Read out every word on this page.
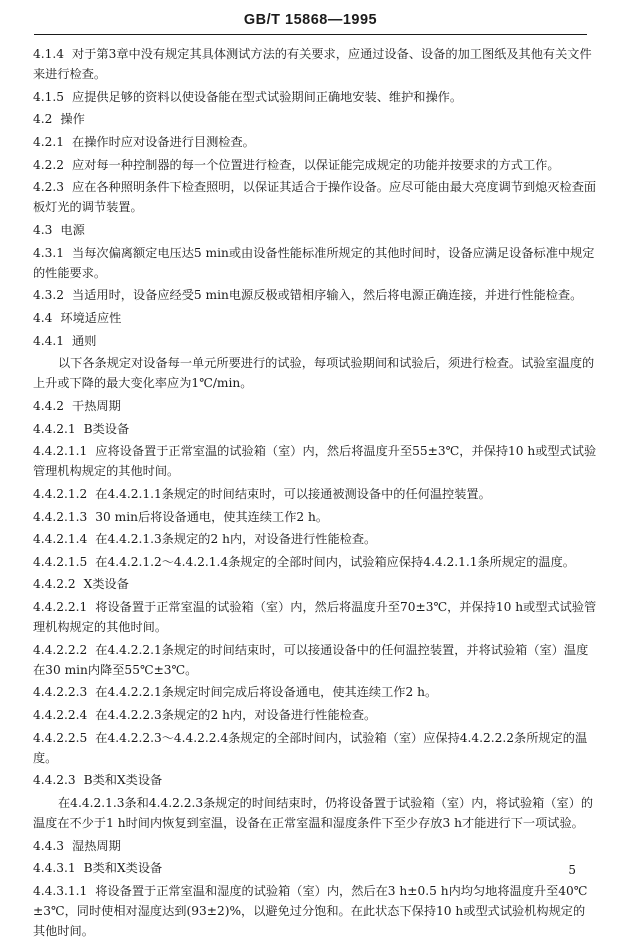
GB/T 15868—1995
4.1.4 对于第3章中没有规定其具体测试方法的有关要求，应通过设备、设备的加工图纸及其他有关文件来进行检查。
4.1.5 应提供足够的资料以使设备能在型式试验期间正确地安装、维护和操作。
4.2 操作
4.2.1 在操作时应对设备进行目测检查。
4.2.2 应对每一种控制器的每一个位置进行检查，以保证能完成规定的功能并按要求的方式工作。
4.2.3 应在各种照明条件下检查照明，以保证其适合于操作设备。应尽可能由最大亮度调节到熄灭检查面板灯光的调节装置。
4.3 电源
4.3.1 当每次偏离额定电压达5 min或由设备性能标准所规定的其他时间时，设备应满足设备标准中规定的性能要求。
4.3.2 当适用时，设备应经受5 min电源反极或错相序输入，然后将电源正确连接，并进行性能检查。
4.4 环境适应性
4.4.1 通则
以下各条规定对设备每一单元所要进行的试验，每项试验期间和试验后，须进行检查。试验室温度的上升或下降的最大变化率应为1℃/min。
4.4.2 干热周期
4.4.2.1 B类设备
4.4.2.1.1 应将设备置于正常室温的试验箱（室）内，然后将温度升至55±3℃，并保持10 h或型式试验管理机构规定的其他时间。
4.4.2.1.2 在4.4.2.1.1条规定的时间结束时，可以接通被测设备中的任何温控装置。
4.4.2.1.3 30 min后将设备通电，使其连续工作2 h。
4.4.2.1.4 在4.4.2.1.3条规定的2 h内，对设备进行性能检查。
4.4.2.1.5 在4.4.2.1.2～4.4.2.1.4条规定的全部时间内，试验箱应保持4.4.2.1.1条所规定的温度。
4.4.2.2 X类设备
4.4.2.2.1 将设备置于正常室温的试验箱（室）内，然后将温度升至70±3℃，并保持10 h或型式试验管理机构规定的其他时间。
4.4.2.2.2 在4.4.2.2.1条规定的时间结束时，可以接通设备中的任何温控装置，并将试验箱（室）温度在30 min内降至55℃±3℃。
4.4.2.2.3 在4.4.2.2.1条规定时间完成后将设备通电，使其连续工作2 h。
4.4.2.2.4 在4.4.2.2.3条规定的2 h内，对设备进行性能检查。
4.4.2.2.5 在4.4.2.2.3～4.4.2.2.4条规定的全部时间内，试验箱（室）应保持4.4.2.2.2条所规定的温度。
4.4.2.3 B类和X类设备
在4.4.2.1.3条和4.4.2.2.3条规定的时间结束时，仍将设备置于试验箱（室）内，将试验箱（室）的温度在不少于1 h时间内恢复到室温，设备在正常室温和湿度条件下至少存放3 h才能进行下一项试验。
4.4.3 湿热周期
4.4.3.1 B类和X类设备
4.4.3.1.1 将设备置于正常室温和湿度的试验箱（室）内，然后在3 h±0.5 h内均匀地将温度升至40℃±3℃，同时使相对湿度达到(93±2)%，以避免过分饱和。在此状态下保持10 h或型式试验机构规定的其他时间。
5
